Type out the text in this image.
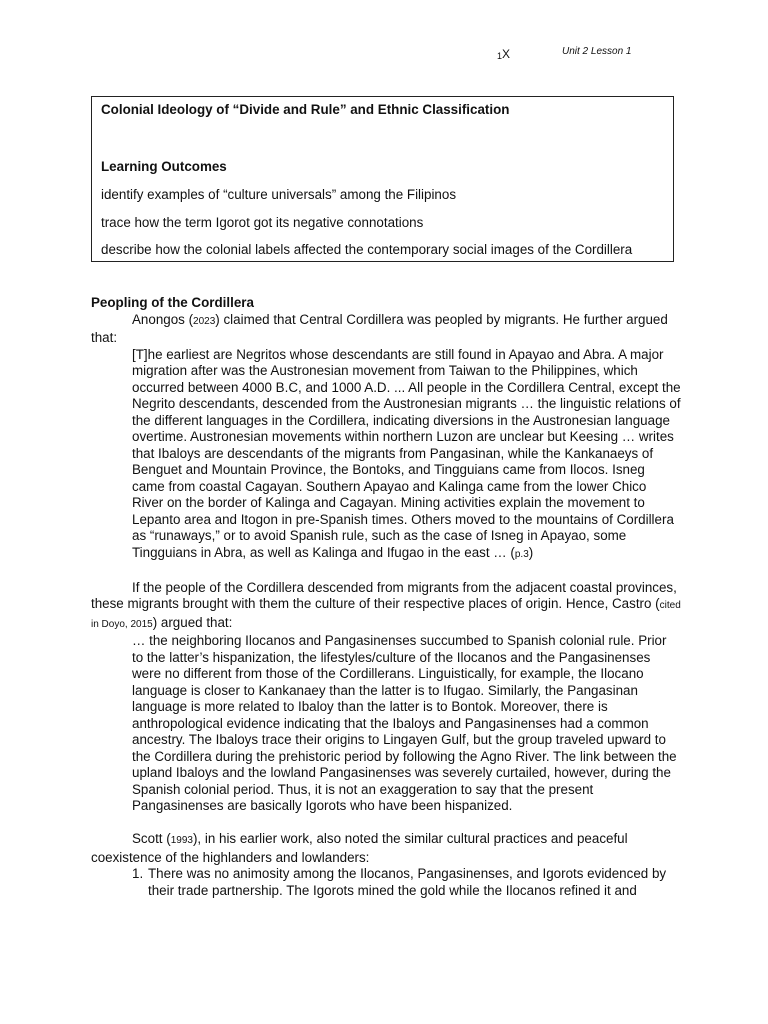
1X	Unit 2 Lesson 1
Colonial Ideology of “Divide and Rule” and Ethnic Classification
Learning Outcomes
identify examples of “culture universals” among the Filipinos
trace how the term Igorot got its negative connotations
describe how the colonial labels affected the contemporary social images of the Cordillera

Peopling of the Cordillera

Anongos (2023) claimed that Central Cordillera was peopled by migrants. He further argued that:

[T]he earliest are Negritos whose descendants are still found in Apayao and Abra. A major migration after was the Austronesian movement from Taiwan to the Philippines, which occurred between 4000 B.C, and 1000 A.D. ... All people in the Cordillera Central, except the Negrito descendants, descended from the Austronesian migrants … the linguistic relations of the different languages in the Cordillera, indicating diversions in the Austronesian language overtime. Austronesian movements within northern Luzon are unclear but Keesing … writes that Ibaloys are descendants of the migrants from Pangasinan, while the Kankanaeys of Benguet and Mountain Province, the Bontoks, and Tingguians came from Ilocos. Isneg came from coastal Cagayan. Southern Apayao and Kalinga came from the lower Chico River on the border of Kalinga and Cagayan. Mining activities explain the movement to Lepanto area and Itogon in pre-Spanish times. Others moved to the mountains of Cordillera as “runaways,” or to avoid Spanish rule, such as the case of Isneg in Apayao, some Tingguians in Abra, as well as Kalinga and Ifugao in the east … (p.3)

If the people of the Cordillera descended from migrants from the adjacent coastal provinces, these migrants brought with them the culture of their respective places of origin. Hence, Castro (cited in Doyo, 2015) argued that:

… the neighboring Ilocanos and Pangasinenses succumbed to Spanish colonial rule. Prior to the latter’s hispanization, the lifestyles/culture of the Ilocanos and the Pangasinenses were no different from those of the Cordillerans. Linguistically, for example, the Ilocano language is closer to Kankanaey than the latter is to Ifugao. Similarly, the Pangasinan language is more related to Ibaloy than the latter is to Bontok. Moreover, there is anthropological evidence indicating that the Ibaloys and Pangasinenses had a common ancestry. The Ibaloys trace their origins to Lingayen Gulf, but the group traveled upward to the Cordillera during the prehistoric period by following the Agno River. The link between the upland Ibaloys and the lowland Pangasinenses was severely curtailed, however, during the Spanish colonial period. Thus, it is not an exaggeration to say that the present Pangasinenses are basically Igorots who have been hispanized.

Scott (1993), in his earlier work, also noted the similar cultural practices and peaceful coexistence of the highlanders and lowlanders:

1. There was no animosity among the Ilocanos, Pangasinenses, and Igorots evidenced by their trade partnership. The Igorots mined the gold while the Ilocanos refined it and
